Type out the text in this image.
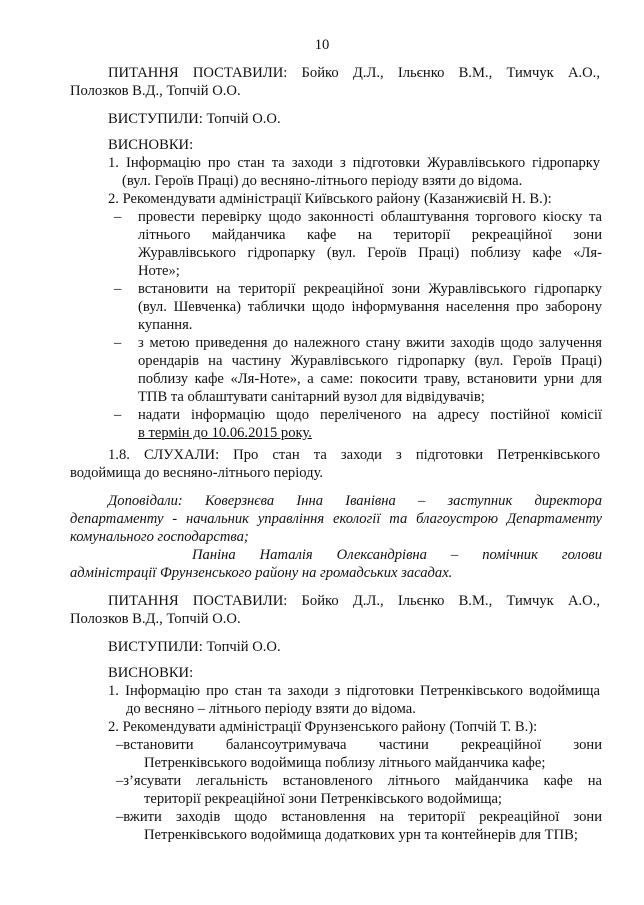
10
ПИТАННЯ ПОСТАВИЛИ: Бойко Д.Л., Ільєнко В.М., Тимчук А.О.,
Полозков В.Д., Топчій О.О.
ВИСТУПИЛИ: Топчій О.О.
ВИСНОВКИ:
1. Інформацію про стан та заходи з підготовки Журавлівського гідропарку
(вул. Героїв Праці) до весняно-літнього періоду взяти до відома.
2. Рекомендувати адміністрації Київського району (Казанжиєвій Н. В.):
– провести перевірку щодо законності облаштування торгового кіоску та
літнього майданчика кафе на території рекреаційної зони
Журавлівського гідропарку (вул. Героїв Праці) поблизу кафе «Ля-
Ноте»;
– встановити на території рекреаційної зони Журавлівського гідропарку
(вул. Шевченка) таблички щодо інформування населення про заборону
купання.
– з метою приведення до належного стану вжити заходів щодо залучення
орендарів на частину Журавлівського гідропарку (вул. Героїв Праці)
поблизу кафе «Ля-Ноте», а саме: покосити траву, встановити урни для
ТПВ та облаштувати санітарний вузол для відвідувачів;
– надати інформацію щодо переліченого на адресу постійної комісії
в термін до 10.06.2015 року.
1.8. СЛУХАЛИ: Про стан та заходи з підготовки Петренківського
водоймища до весняно-літнього періоду.
Доповідали: Коверзнєва Інна Іванівна – заступник директора
департаменту - начальник управління екології та благоустрою Департаменту
комунального господарства;
Паніна Наталія Олександрівна – помічник голови
адміністрації Фрунзенського району на громадських засадах.
ПИТАННЯ ПОСТАВИЛИ: Бойко Д.Л., Ільєнко В.М., Тимчук А.О.,
Полозков В.Д., Топчій О.О.
ВИСТУПИЛИ: Топчій О.О.
ВИСНОВКИ:
1. Інформацію про стан та заходи з підготовки Петренківського водоймища
до весняно – літнього періоду взяти до відома.
2. Рекомендувати адміністрації Фрунзенського району (Топчій Т. В.):
–встановити балансоутримувача частини рекреаційної зони
Петренківського водоймища поблизу літнього майданчика кафе;
–з’ясувати легальність встановленого літнього майданчика кафе на
території рекреаційної зони Петренківського водоймища;
–вжити заходів щодо встановлення на території рекреаційної зони
Петренківського водоймища додаткових урн та контейнерів для ТПВ;
